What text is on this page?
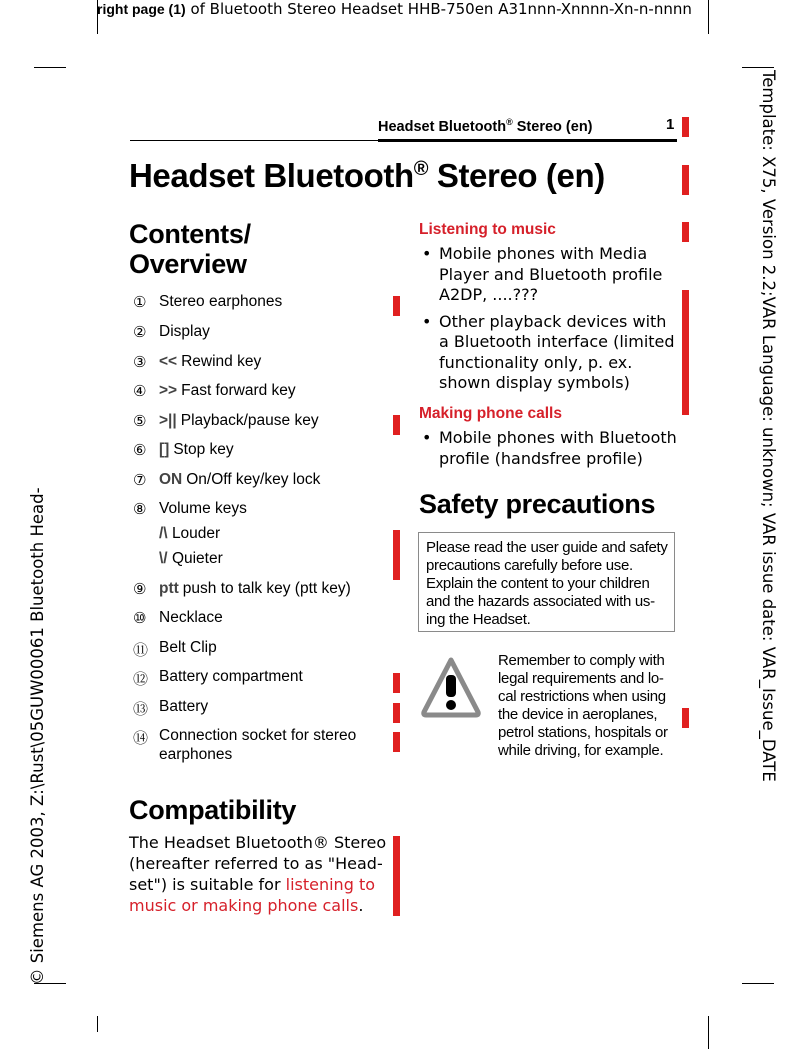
right page (1) of Bluetooth Stereo Headset HHB-750en A31nnn-Xnnnn-Xn-n-nnnn
Headset Bluetooth® Stereo (en)	1
Headset Bluetooth® Stereo (en)
Contents/
Overview
① Stereo earphones
② Display
③ << Rewind key
④ >> Fast forward key
⑤ >|| Playback/pause key
⑥ [] Stop key
⑦ ON On/Off key/key lock
⑧ Volume keys
/\ Louder
\/ Quieter
⑨ ptt push to talk key (ptt key)
⑩ Necklace
⑪ Belt Clip
⑫ Battery compartment
⑬ Battery
⑭ Connection socket for stereo
earphones
Compatibility
The Headset Bluetooth® Stereo
(hereafter referred to as "Head-
set") is suitable for listening to
music or making phone calls.
Listening to music
• Mobile phones with Media Player and Bluetooth profile A2DP, ....???
• Other playback devices with a Bluetooth interface (limited functionality only, p. ex. shown display symbols)
Making phone calls
• Mobile phones with Bluetooth profile (handsfree profile)
Safety precautions
Please read the user guide and safety precautions carefully before use. Explain the content to your children and the hazards associated with us- ing the Headset.
Remember to comply with legal requirements and lo- cal restrictions when using the device in aeroplanes, petrol stations, hospitals or while driving, for example.
© Siemens AG 2003, Z:\Rust\05GUW00061 Bluetooth Head-	Template: X75, Version 2.2;VAR Language: unknown; VAR issue date: VAR_Issue_DATE
